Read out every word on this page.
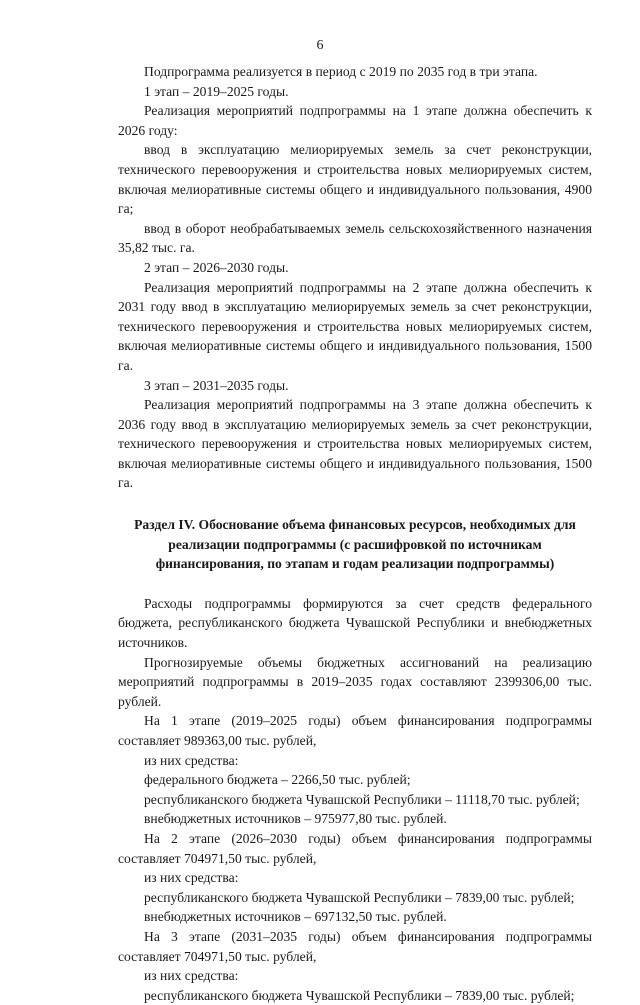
6

Подпрограмма реализуется в период с 2019 по 2035 год в три этапа.

1 этап – 2019–2025 годы.

Реализация мероприятий подпрограммы на 1 этапе должна обеспечить к 2026 году:

ввод в эксплуатацию мелиорируемых земель за счет реконструкции, технического перевооружения и строительства новых мелиорируемых систем, включая мелиоративные системы общего и индивидуального пользования, 4900 га;

ввод в оборот необрабатываемых земель сельскохозяйственного назначения 35,82 тыс. га.

2 этап – 2026–2030 годы.

Реализация мероприятий подпрограммы на 2 этапе должна обеспечить к 2031 году ввод в эксплуатацию мелиорируемых земель за счет реконструкции, технического перевооружения и строительства новых мелиорируемых систем, включая мелиоративные системы общего и индивидуального пользования, 1500 га.

3 этап – 2031–2035 годы.

Реализация мероприятий подпрограммы на 3 этапе должна обеспечить к 2036 году ввод в эксплуатацию мелиорируемых земель за счет реконструкции, технического перевооружения и строительства новых мелиорируемых систем, включая мелиоративные системы общего и индивидуального пользования, 1500 га.

Раздел IV. Обоснование объема финансовых ресурсов, необходимых для реализации подпрограммы (с расшифровкой по источникам финансирования, по этапам и годам реализации подпрограммы)

Расходы подпрограммы формируются за счет средств федерального бюджета, республиканского бюджета Чувашской Республики и внебюджетных источников.

Прогнозируемые объемы бюджетных ассигнований на реализацию мероприятий подпрограммы в 2019–2035 годах составляют 2399306,00 тыс. рублей.

На 1 этапе (2019–2025 годы) объем финансирования подпрограммы составляет 989363,00 тыс. рублей,

из них средства:

федерального бюджета – 2266,50 тыс. рублей;

республиканского бюджета Чувашской Республики – 11118,70 тыс. рублей;

внебюджетных источников – 975977,80 тыс. рублей.

На 2 этапе (2026–2030 годы) объем финансирования подпрограммы составляет 704971,50 тыс. рублей,

из них средства:

республиканского бюджета Чувашской Республики – 7839,00 тыс. рублей;

внебюджетных источников – 697132,50 тыс. рублей.

На 3 этапе (2031–2035 годы) объем финансирования подпрограммы составляет 704971,50 тыс. рублей,

из них средства:

республиканского бюджета Чувашской Республики – 7839,00 тыс. рублей;
